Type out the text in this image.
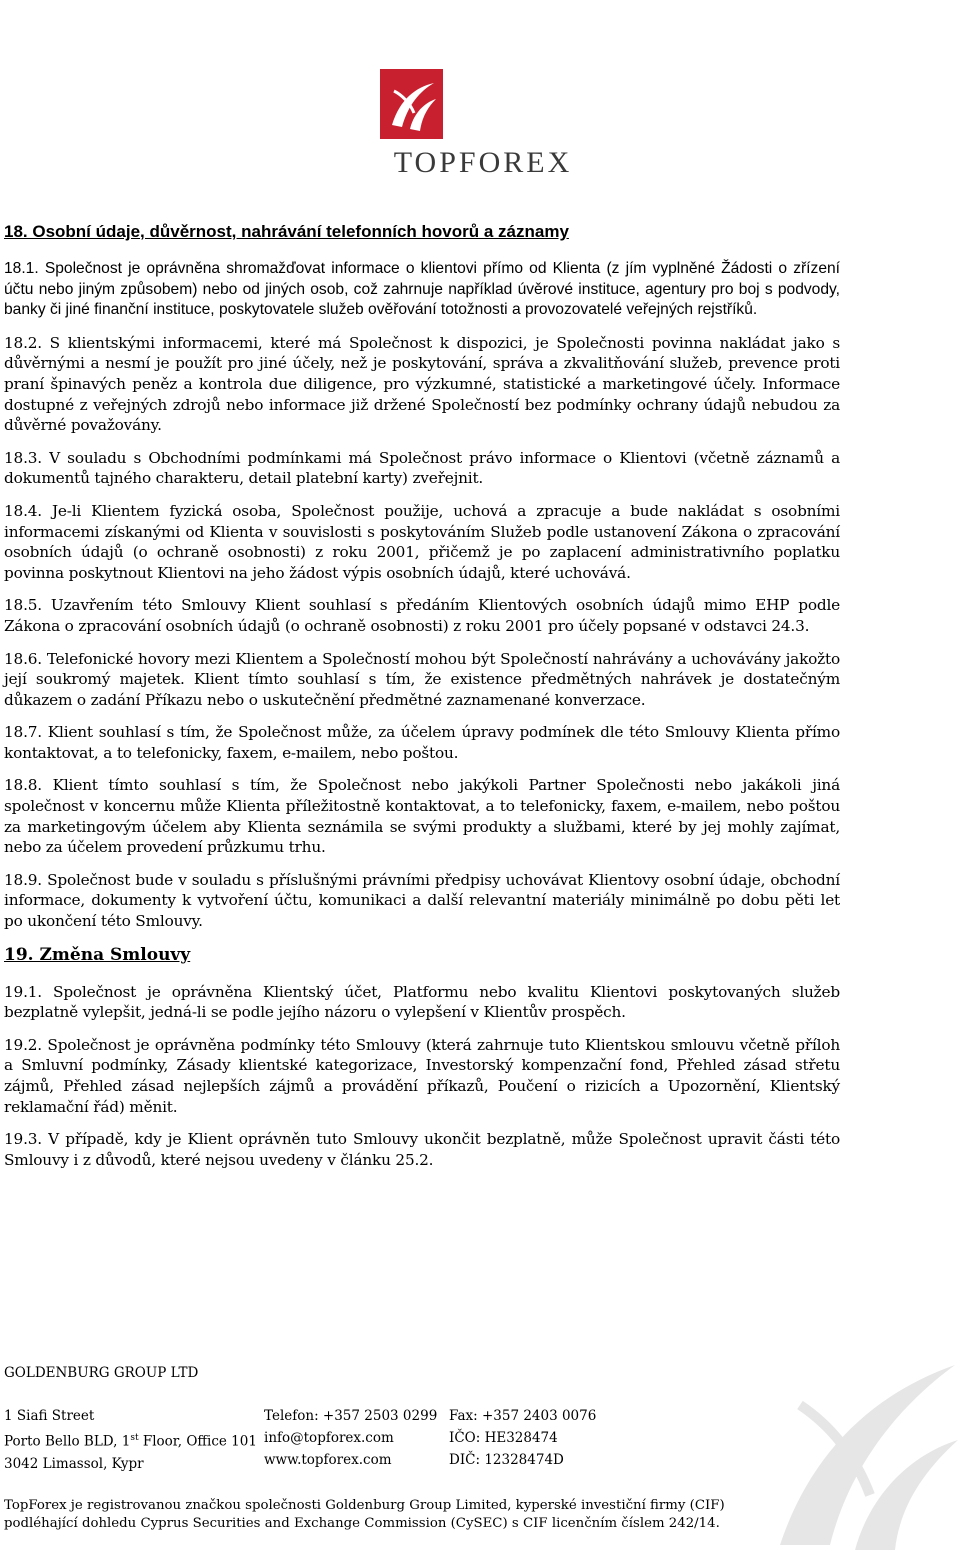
TOPFOREX
18. Osobní údaje, důvěrnost, nahrávání telefonních hovorů a záznamy
18.1. Společnost je oprávněna shromažďovat informace o klientovi přímo od Klienta (z jím vyplněné Žádosti o zřízení účtu nebo jiným způsobem) nebo od jiných osob, což zahrnuje například úvěrové instituce, agentury pro boj s podvody, banky či jiné finanční instituce, poskytovatele služeb ověřování totožnosti a provozovatelé veřejných rejstříků.
18.2. S klientskými informacemi, které má Společnost k dispozici, je Společnosti povinna nakládat jako s důvěrnými a nesmí je použít pro jiné účely, než je poskytování, správa a zkvalitňování služeb, prevence proti praní špinavých peněz a kontrola due diligence, pro výzkumné, statistické a marketingové účely. Informace dostupné z veřejných zdrojů nebo informace již držené Společností bez podmínky ochrany údajů nebudou za důvěrné považovány.
18.3. V souladu s Obchodními podmínkami má Společnost právo informace o Klientovi (včetně záznamů a dokumentů tajného charakteru, detail platební karty) zveřejnit.
18.4. Je-li Klientem fyzická osoba, Společnost použije, uchová a zpracuje a bude nakládat s osobními informacemi získanými od Klienta v souvislosti s poskytováním Služeb podle ustanovení Zákona o zpracování osobních údajů (o ochraně osobnosti) z roku 2001, přičemž je po zaplacení administrativního poplatku povinna poskytnout Klientovi na jeho žádost výpis osobních údajů, které uchovává.
18.5. Uzavřením této Smlouvy Klient souhlasí s předáním Klientových osobních údajů mimo EHP podle Zákona o zpracování osobních údajů (o ochraně osobnosti) z roku 2001 pro účely popsané v odstavci 24.3.
18.6. Telefonické hovory mezi Klientem a Společností mohou být Společností nahrávány a uchovávány jakožto její soukromý majetek. Klient tímto souhlasí s tím, že existence předmětných nahrávek je dostatečným důkazem o zadání Příkazu nebo o uskutečnění předmětné zaznamenané konverzace.
18.7. Klient souhlasí s tím, že Společnost může, za účelem úpravy podmínek dle této Smlouvy Klienta přímo kontaktovat, a to telefonicky, faxem, e-mailem, nebo poštou.
18.8. Klient tímto souhlasí s tím, že Společnost nebo jakýkoli Partner Společnosti nebo jakákoli jiná společnost v koncernu může Klienta příležitostně kontaktovat, a to telefonicky, faxem, e-mailem, nebo poštou za marketingovým účelem aby Klienta seznámila se svými produkty a službami, které by jej mohly zajímat, nebo za účelem provedení průzkumu trhu.
18.9. Společnost bude v souladu s příslušnými právními předpisy uchovávat Klientovy osobní údaje, obchodní informace, dokumenty k vytvoření účtu, komunikaci a další relevantní materiály minimálně po dobu pěti let po ukončení této Smlouvy.
19. Změna Smlouvy
19.1. Společnost je oprávněna Klientský účet, Platformu nebo kvalitu Klientovi poskytovaných služeb bezplatně vylepšit, jedná-li se podle jejího názoru o vylepšení v Klientův prospěch.
19.2. Společnost je oprávněna podmínky této Smlouvy (která zahrnuje tuto Klientskou smlouvu včetně příloh a Smluvní podmínky, Zásady klientské kategorizace, Investorský kompenzační fond, Přehled zásad střetu zájmů, Přehled zásad nejlepších zájmů a provádění příkazů, Poučení o rizicích a Upozornění, Klientský reklamační řád) měnit.
19.3. V případě, kdy je Klient oprávněn tuto Smlouvy ukončit bezplatně, může Společnost upravit části této Smlouvy i z důvodů, které nejsou uvedeny v článku 25.2.
GOLDENBURG GROUP LTD
1 Siafi Street
Porto Bello BLD, 1st Floor, Office 101
3042 Limassol, Kypr
Telefon: +357 2503 0299
info@topforex.com
www.topforex.com
Fax: +357 2403 0076
IČO: HE328474
DIČ: 12328474D
TopForex je registrovanou značkou společnosti Goldenburg Group Limited, kyperské investiční firmy (CIF) podléhající dohledu Cyprus Securities and Exchange Commission (CySEC) s CIF licenčním číslem 242/14.
